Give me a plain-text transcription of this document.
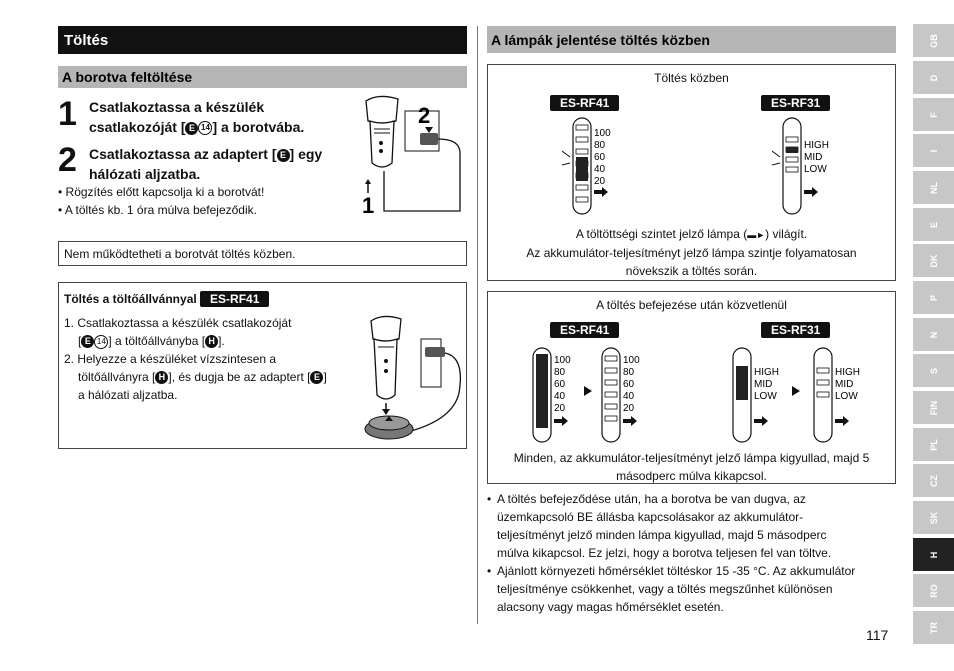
Töltés
A borotva feltöltése
1 Csatlakoztassa a készülék csatlakozóját [ E 14 ] a borotvába.
2 Csatlakoztassa az adaptert [ E ] egy hálózati aljzatba.
• Rögzítés előtt kapcsolja ki a borotvát!
• A töltés kb. 1 óra múlva befejeződik.	1
2
Nem működtetheti a borotvát töltés közben.
Töltés a töltőállvánnyal ES-RF41
1. Csatlakoztassa a készülék csatlakozóját
[ E 14 ] a töltőállványba [ H ].
2. Helyezze a készüléket vízszintesen a
töltőállványra [ H ], és dugja be az adaptert [ E ]
a hálózati aljzatba.
A lámpák jelentése töltés közben
Töltés közben
ES-RF41	ES-RF31
100
80
60
40
20
HIGH
MID
LOW
A töltöttségi szintet jelző lámpa (▬►) világít.
Az akkumulátor-teljesítményt jelző lámpa szintje folyamatosan
növekszik a töltés során.
A töltés befejezése után közvetlenül
ES-RF41	ES-RF31
100
80
60
40
20
100
80
60
40
20
HIGH
MID
LOW
HIGH
MID
LOW
Minden, az akkumulátor-teljesítményt jelző lámpa kigyullad, majd 5
másodperc múlva kikapcsol.
• A töltés befejeződése után, ha a borotva be van dugva, az
üzemkapcsoló BE állásba kapcsolásakor az akkumulátor-
teljesítményt jelző minden lámpa kigyullad, majd 5 másodperc
múlva kikapcsol. Ez jelzi, hogy a borotva teljesen fel van töltve.
• Ajánlott környezeti hőmérséklet töltéskor 15 -35 °C. Az akkumulátor
teljesítménye csökkenhet, vagy a töltés megszűnhet különösen
alacsony vagy magas hőmérséklet esetén.
117
GB
D
F
I
NL
E
DK
P
N
S
FIN
PL
CZ
SK
H
RO
TR
